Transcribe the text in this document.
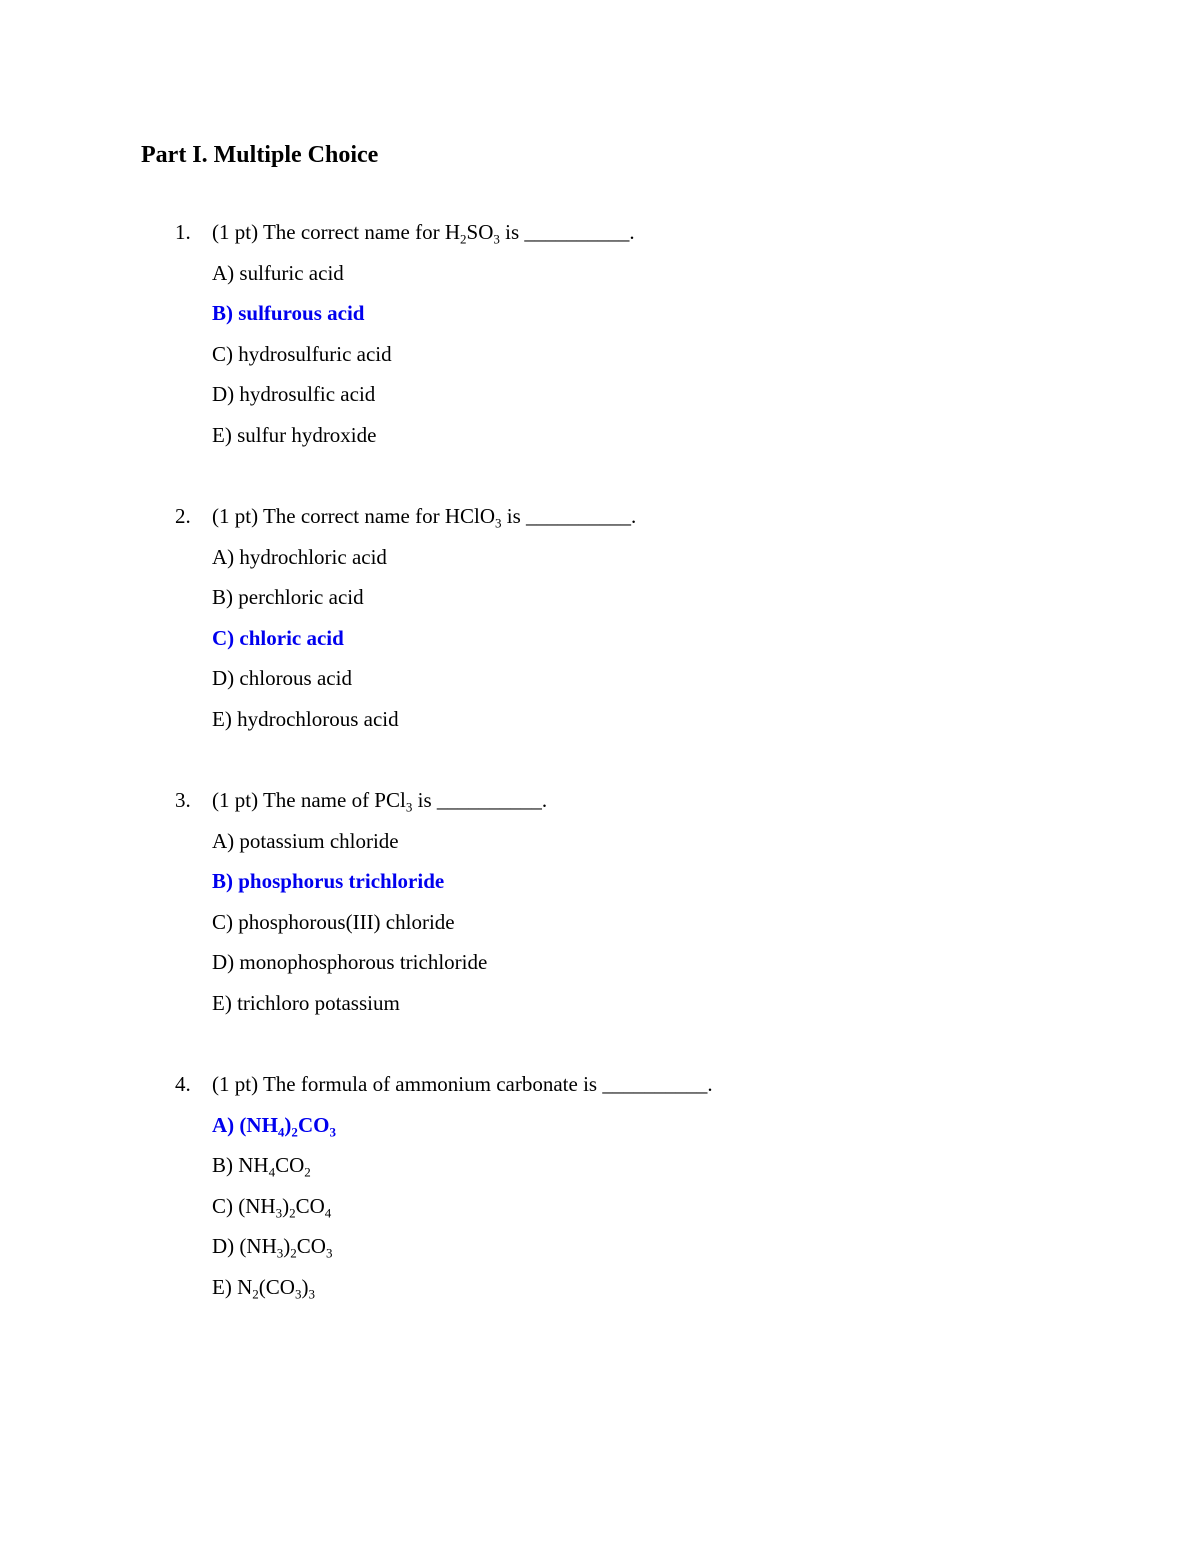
Part I. Multiple Choice
1. (1 pt) The correct name for $H_2SO_3$ is __________.
A) sulfuric acid
B) sulfurous acid
C) hydrosulfuric acid
D) hydrosulfic acid
E) sulfur hydroxide
2. (1 pt) The correct name for HClO$_3$ is __________.
A) hydrochloric acid
B) perchloric acid
C) chloric acid
D) chlorous acid
E) hydrochlorous acid
3. (1 pt) The name of PCl$_3$ is __________.
A) potassium chloride
B) phosphorus trichloride
C) phosphorous(III) chloride
D) monophosphorous trichloride
E) trichloro potassium
4. (1 pt) The formula of ammonium carbonate is __________.
A) $(NH_4)_2CO_3$
B) $NH_4CO_2$
C) $(NH_3)_2CO_4$
D) $(NH_3)_2CO_3$
E) $N_2(CO_3)_3$
